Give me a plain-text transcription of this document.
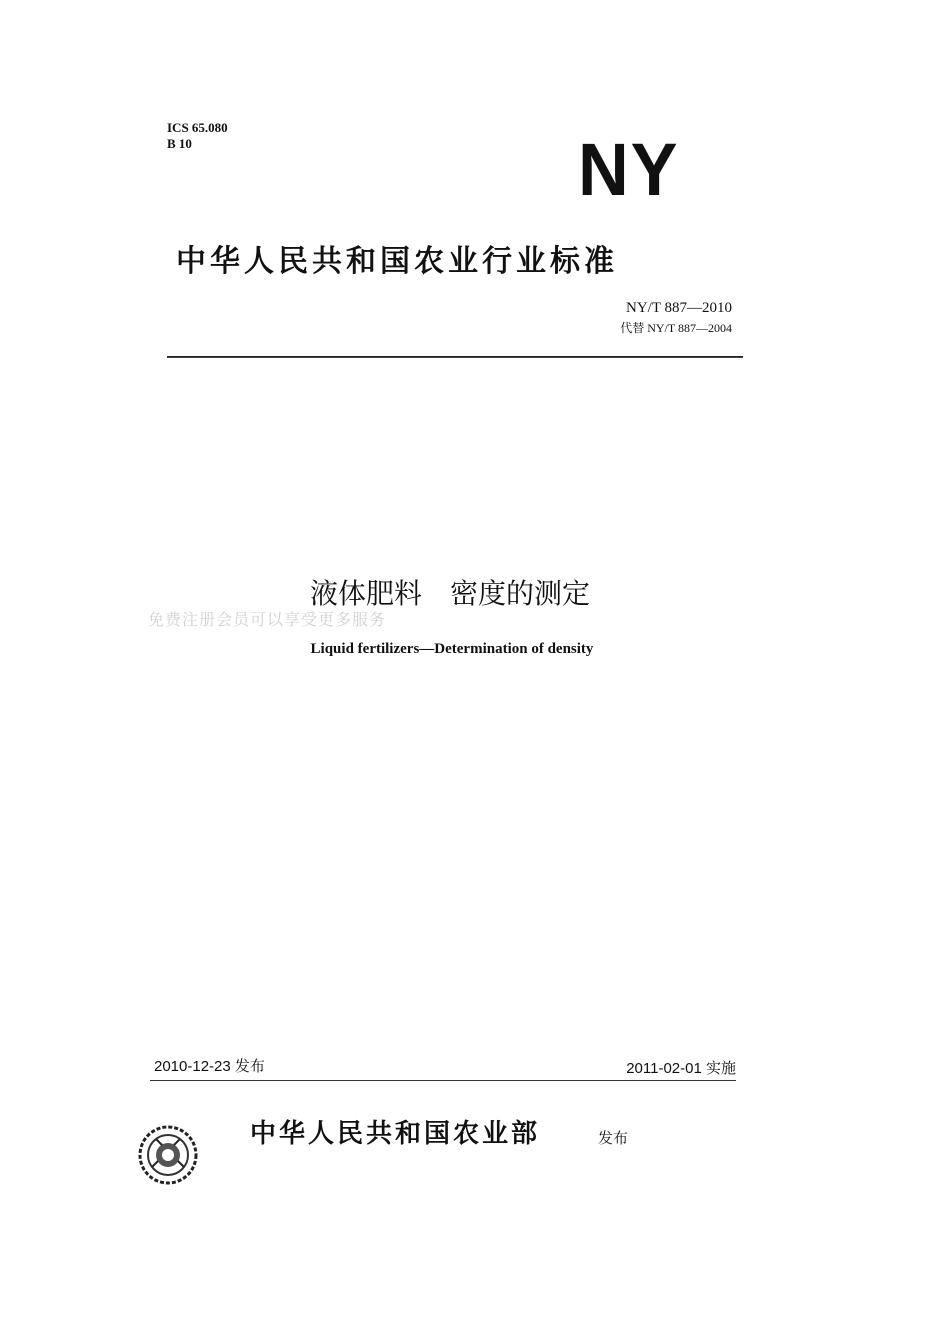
ICS 65.080
B 10	NY
中华人民共和国农业行业标准
NY/T 887—2010
代替 NY/T 887—2004
液体肥料　密度的测定
免费注册会员可以享受更多服务
Liquid fertilizers—Determination of density
2010-12-23 发布	2011-02-01 实施
中华人民共和国农业部	发布
